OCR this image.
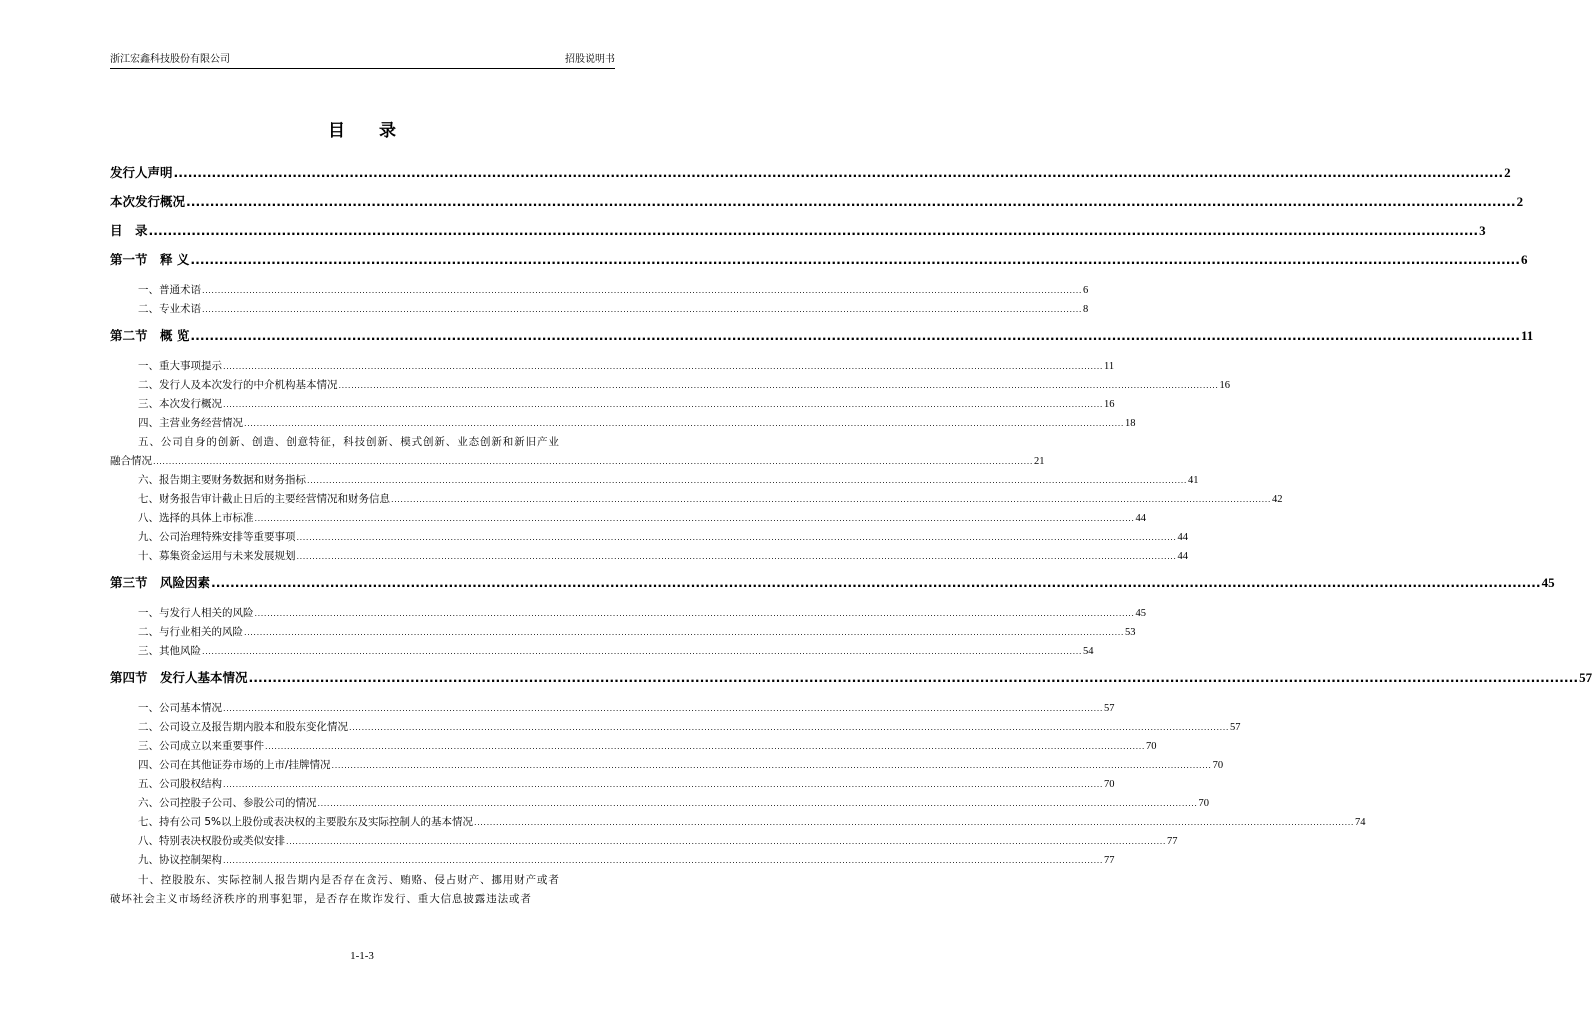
浙江宏鑫科技股份有限公司	招股说明书
目 录
发行人声明 ........................................................................................................................................................................................................................................................................................ 2
本次发行概况 ........................................................................................................................................................................................................................................................................................ 2
目　录 ........................................................................................................................................................................................................................................................................................ 3
第一节　释 义 ........................................................................................................................................................................................................................................................................................ 6
一、普通术语 ........................................................................................................................................................................................................................................................................................ 6
二、专业术语 ........................................................................................................................................................................................................................................................................................ 8
第二节　概 览 ........................................................................................................................................................................................................................................................................................ 11
一、重大事项提示 ........................................................................................................................................................................................................................................................................................ 11
二、发行人及本次发行的中介机构基本情况 ........................................................................................................................................................................................................................................................................................ 16
三、本次发行概况 ........................................................................................................................................................................................................................................................................................ 16
四、主营业务经营情况 ........................................................................................................................................................................................................................................................................................ 18
五、公司自身的创新、创造、创意特征，科技创新、模式创新、业态创新和新旧产业
融合情况 ........................................................................................................................................................................................................................................................................................ 21
六、报告期主要财务数据和财务指标 ........................................................................................................................................................................................................................................................................................ 41
七、财务报告审计截止日后的主要经营情况和财务信息 ........................................................................................................................................................................................................................................................................................ 42
八、选择的具体上市标准 ........................................................................................................................................................................................................................................................................................ 44
九、公司治理特殊安排等重要事项 ........................................................................................................................................................................................................................................................................................ 44
十、募集资金运用与未来发展规划 ........................................................................................................................................................................................................................................................................................ 44
第三节　风险因素 ........................................................................................................................................................................................................................................................................................ 45
一、与发行人相关的风险 ........................................................................................................................................................................................................................................................................................ 45
二、与行业相关的风险 ........................................................................................................................................................................................................................................................................................ 53
三、其他风险 ........................................................................................................................................................................................................................................................................................ 54
第四节　发行人基本情况 ........................................................................................................................................................................................................................................................................................ 57
一、公司基本情况 ........................................................................................................................................................................................................................................................................................ 57
二、公司设立及报告期内股本和股东变化情况 ........................................................................................................................................................................................................................................................................................ 57
三、公司成立以来重要事件 ........................................................................................................................................................................................................................................................................................ 70
四、公司在其他证券市场的上市/挂牌情况 ........................................................................................................................................................................................................................................................................................ 70
五、公司股权结构 ........................................................................................................................................................................................................................................................................................ 70
六、公司控股子公司、参股公司的情况 ........................................................................................................................................................................................................................................................................................ 70
七、持有公司 5%以上股份或表决权的主要股东及实际控制人的基本情况 ........................................................................................................................................................................................................................................................................................ 74
八、特别表决权股份或类似安排 ........................................................................................................................................................................................................................................................................................ 77
九、协议控制架构 ........................................................................................................................................................................................................................................................................................ 77
十、控股股东、实际控制人报告期内是否存在贪污、贿赂、侵占财产、挪用财产或者
破坏社会主义市场经济秩序的刑事犯罪，是否存在欺诈发行、重大信息披露违法或者
1-1-3
